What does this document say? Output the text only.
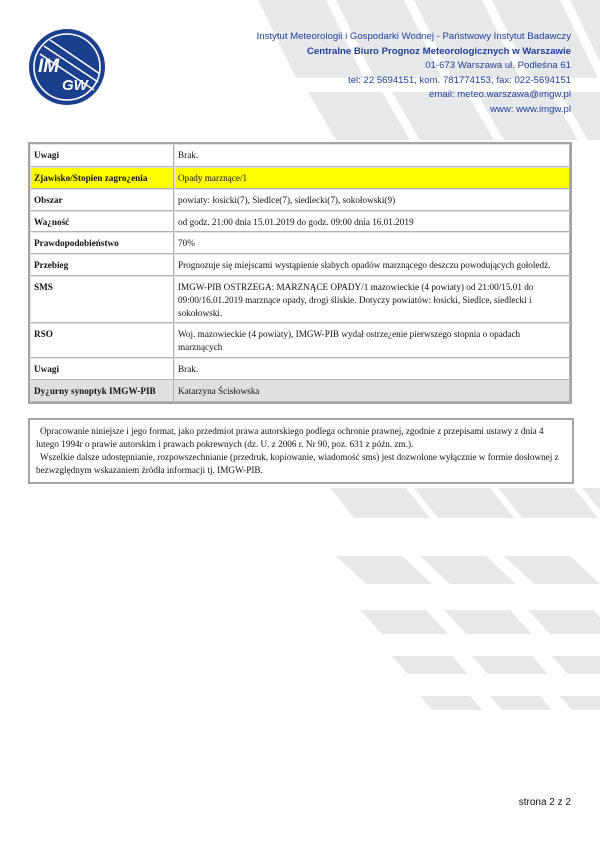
IM
GW
Instytut Meteorologii i Gospodarki Wodnej - Państwowy Instytut Badawczy
Centralne Biuro Prognoz Meteorologicznych w Warszawie
01-673 Warszawa ul. Podleśna 61
tel: 22 5694151, kom. 781774153, fax: 022-5694151
email: meteo.warszawa@imgw.pl
www: www.imgw.pl
Uwagi	Brak.
Zjawisko/Stopien zagro¿enia	Opady marznące/1
Obszar	powiaty: łosicki(7), Siedlce(7), siedlecki(7), sokołowski(9)
Wa¿ność	od godz. 21:00 dnia 15.01.2019 do godz. 09:00 dnia 16.01.2019
Prawdopodobieństwo	70%
Przebieg	Prognozuje się miejscami wystąpienie słabych opadów marznącego deszczu powodujących gołoledź.
SMS	IMGW-PIB OSTRZEGA: MARZNĄCE OPADY/1 mazowieckie (4 powiaty) od 21:00/15.01 do 09:00/16.01.2019 marznące opady, drogi śliskie. Dotyczy powiatów: łosicki, Siedlce, siedlecki i sokołowski.
RSO	Woj. mazowieckie (4 powiaty), IMGW-PIB wydał ostrze¿enie pierwszego stopnia o opadach marznących
Uwagi	Brak.
Dy¿urny synoptyk IMGW-PIB	Katarzyna Ścisłowska

Opracowanie niniejsze i jego format, jako przedmiot prawa autorskiego podlega ochronie prawnej, zgodnie z przepisami ustawy z dnia 4 lutego 1994r o prawie autorskim i prawach pokrewnych (dz. U. z 2006 r. Nr 90, poz. 631 z późn. zm.).

Wszelkie dalsze udostępnianie, rozpowszechnianie (przedruk, kopiowanie, wiadomość sms) jest dozwolone wyłącznie w formie dosłownej z bezwzględnym wskazaniem źródła informacji tj. IMGW-PIB.

strona 2 z 2
